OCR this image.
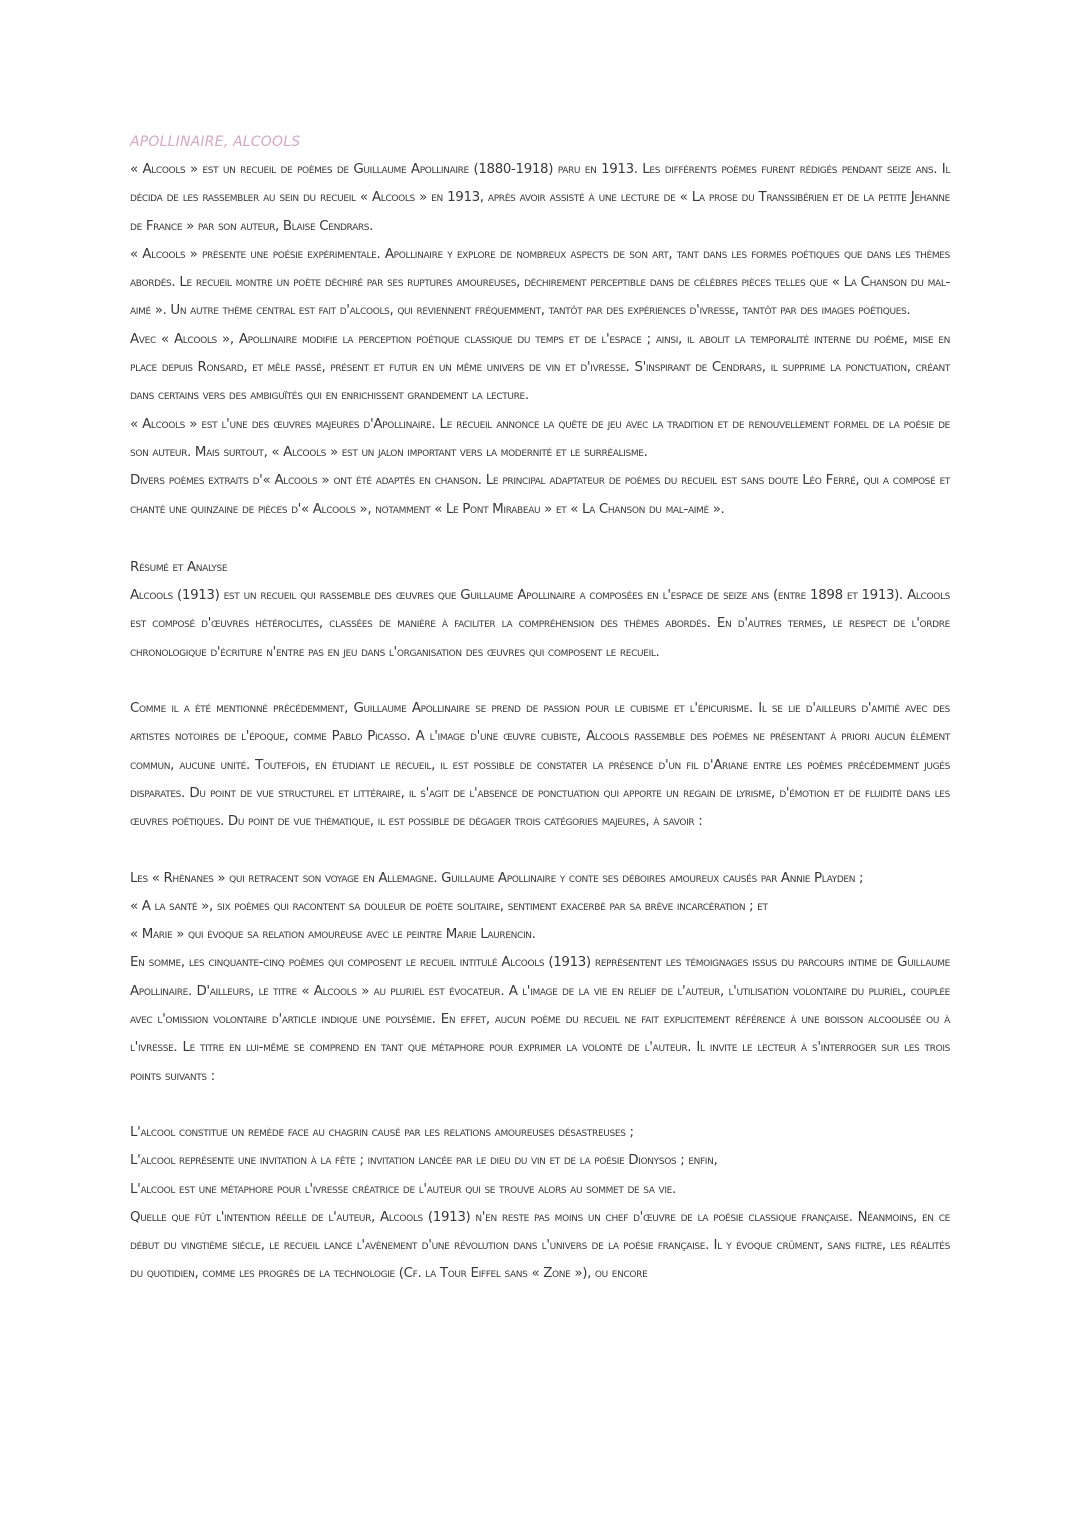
APOLLINAIRE, ALCOOLS

« Alcools » est un recueil de poèmes de Guillaume Apollinaire (1880-1918) paru en 1913. Les différents poèmes furent rédigés pendant seize ans. Il décida de les rassembler au sein du recueil « Alcools » en 1913, après avoir assisté à une lecture de « La prose du Transsibérien et de la petite Jehanne de France » par son auteur, Blaise Cendrars.

« Alcools » présente une poésie expérimentale. Apollinaire y explore de nombreux aspects de son art, tant dans les formes poétiques que dans les thèmes abordés. Le recueil montre un poète déchiré par ses ruptures amoureuses, déchirement perceptible dans de célèbres pièces telles que « La Chanson du mal-aimé ». Un autre thème central est fait d'alcools, qui reviennent fréquemment, tantôt par des expériences d'ivresse, tantôt par des images poétiques.

Avec « Alcools », Apollinaire modifie la perception poétique classique du temps et de l'espace ; ainsi, il abolit la temporalité interne du poème, mise en place depuis Ronsard, et mêle passé, présent et futur en un même univers de vin et d'ivresse. S'inspirant de Cendrars, il supprime la ponctuation, créant dans certains vers des ambiguïtés qui en enrichissent grandement la lecture.

« Alcools » est l'une des œuvres majeures d'Apollinaire. Le recueil annonce la quête de jeu avec la tradition et de renouvellement formel de la poésie de son auteur. Mais surtout, « Alcools » est un jalon important vers la modernité et le surréalisme.

Divers poèmes extraits d'« Alcools » ont été adaptés en chanson. Le principal adaptateur de poèmes du recueil est sans doute Léo Ferré, qui a composé et chanté une quinzaine de pièces d'« Alcools », notamment « Le Pont Mirabeau » et « La Chanson du mal-aimé ».

Résumé et Analyse

Alcools (1913) est un recueil qui rassemble des œuvres que Guillaume Apollinaire a composées en l'espace de seize ans (entre 1898 et 1913). Alcools est composé d'œuvres hétéroclites, classées de manière à faciliter la compréhension des thèmes abordés. En d'autres termes, le respect de l'ordre chronologique d'écriture n'entre pas en jeu dans l'organisation des œuvres qui composent le recueil.

Comme il a été mentionné précédemment, Guillaume Apollinaire se prend de passion pour le cubisme et l'épicurisme. Il se lie d'ailleurs d'amitié avec des artistes notoires de l'époque, comme Pablo Picasso. A l'image d'une œuvre cubiste, Alcools rassemble des poèmes ne présentant à priori aucun élément commun, aucune unité. Toutefois, en étudiant le recueil, il est possible de constater la présence d'un fil d'Ariane entre les poèmes précédemment jugés disparates. Du point de vue structurel et littéraire, il s'agit de l'absence de ponctuation qui apporte un regain de lyrisme, d'émotion et de fluidité dans les œuvres poétiques. Du point de vue thématique, il est possible de dégager trois catégories majeures, à savoir :

Les « Rhénanes » qui retracent son voyage en Allemagne. Guillaume Apollinaire y conte ses déboires amoureux causés par Annie Playden ;

« A la santé », six poèmes qui racontent sa douleur de poète solitaire, sentiment exacerbé par sa brève incarcération ; et

« Marie » qui évoque sa relation amoureuse avec le peintre Marie Laurencin.

En somme, les cinquante-cinq poèmes qui composent le recueil intitulé Alcools (1913) représentent les témoignages issus du parcours intime de Guillaume Apollinaire. D'ailleurs, le titre « Alcools » au pluriel est évocateur. A l'image de la vie en relief de l'auteur, l'utilisation volontaire du pluriel, couplée avec l'omission volontaire d'article indique une polysémie. En effet, aucun poème du recueil ne fait explicitement référence à une boisson alcoolisée ou à l'ivresse. Le titre en lui-même se comprend en tant que métaphore pour exprimer la volonté de l'auteur. Il invite le lecteur à s'interroger sur les trois points suivants :

L'alcool constitue un remède face au chagrin causé par les relations amoureuses désastreuses ;

L'alcool représente une invitation à la fête ; invitation lancée par le dieu du vin et de la poésie Dionysos ; enfin,

L'alcool est une métaphore pour l'ivresse créatrice de l'auteur qui se trouve alors au sommet de sa vie.

Quelle que fût l'intention réelle de l'auteur, Alcools (1913) n'en reste pas moins un chef d'œuvre de la poésie classique française. Néanmoins, en ce début du vingtième siècle, le recueil lance l'avènement d'une révolution dans l'univers de la poésie française. Il y évoque crûment, sans filtre, les réalités du quotidien, comme les progrès de la technologie (Cf. la Tour Eiffel sans « Zone »), ou encore
